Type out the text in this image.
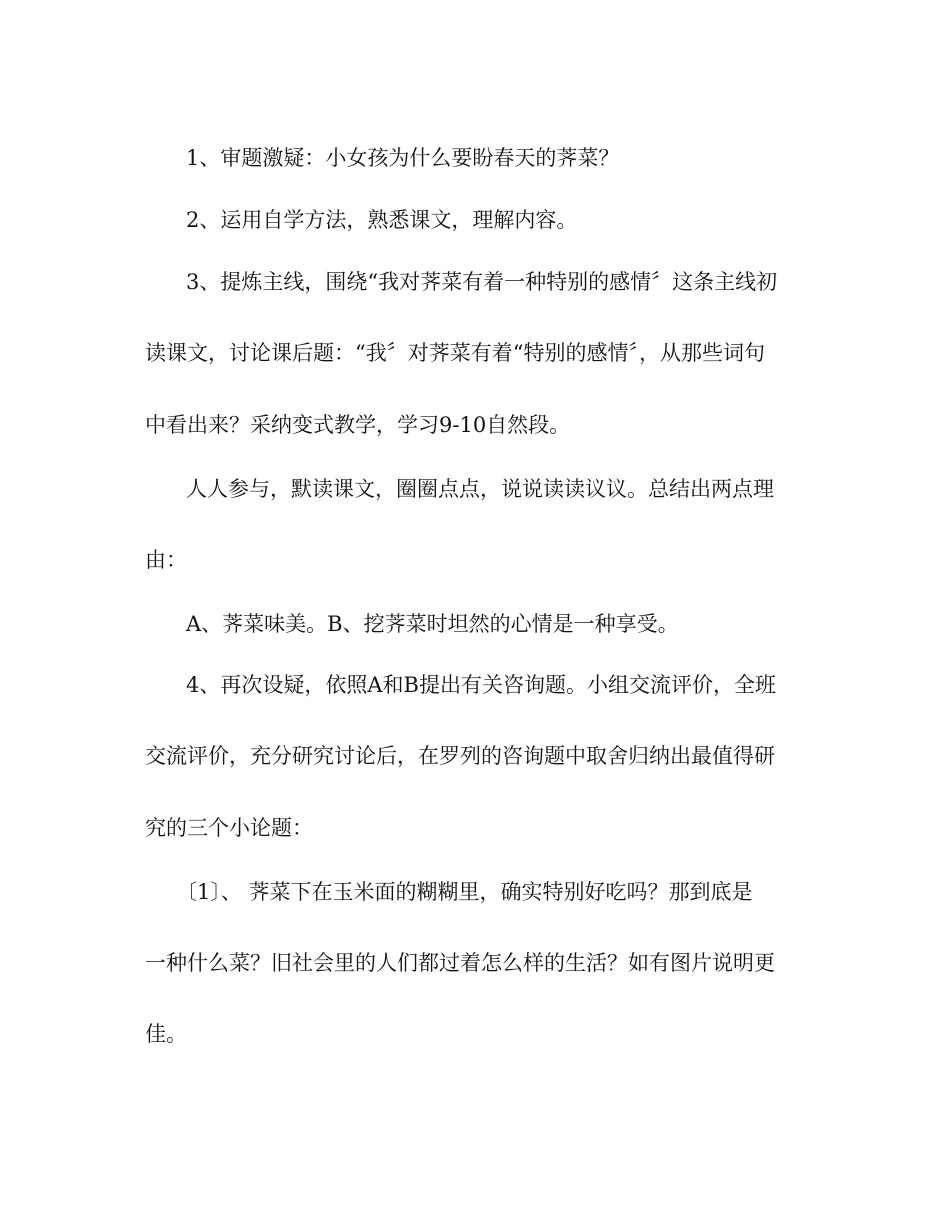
1、审题激疑：小女孩为什么要盼春天的荠菜？

2、运用自学方法，熟悉课文，理解内容。

3、提炼主线，围绕“我对荠菜有着一种特别的感情〞这条主线初

读课文，讨论课后题：“我〞对荠菜有着“特别的感情〞，从那些词句

中看出来？采纳变式教学，学习9-10自然段。

人人参与，默读课文，圈圈点点，说说读读议议。总结出两点理

由：

A、荠菜味美。B、挖荠菜时坦然的心情是一种享受。

4、再次设疑，依照A和B提出有关咨询题。小组交流评价，全班

交流评价，充分研究讨论后，在罗列的咨询题中取舍归纳出最值得研

究的三个小论题：

〔1〕、 荠菜下在玉米面的糊糊里，确实特别好吃吗？那到底是

一种什么菜？旧社会里的人们都过着怎么样的生活？如有图片说明更

佳。
